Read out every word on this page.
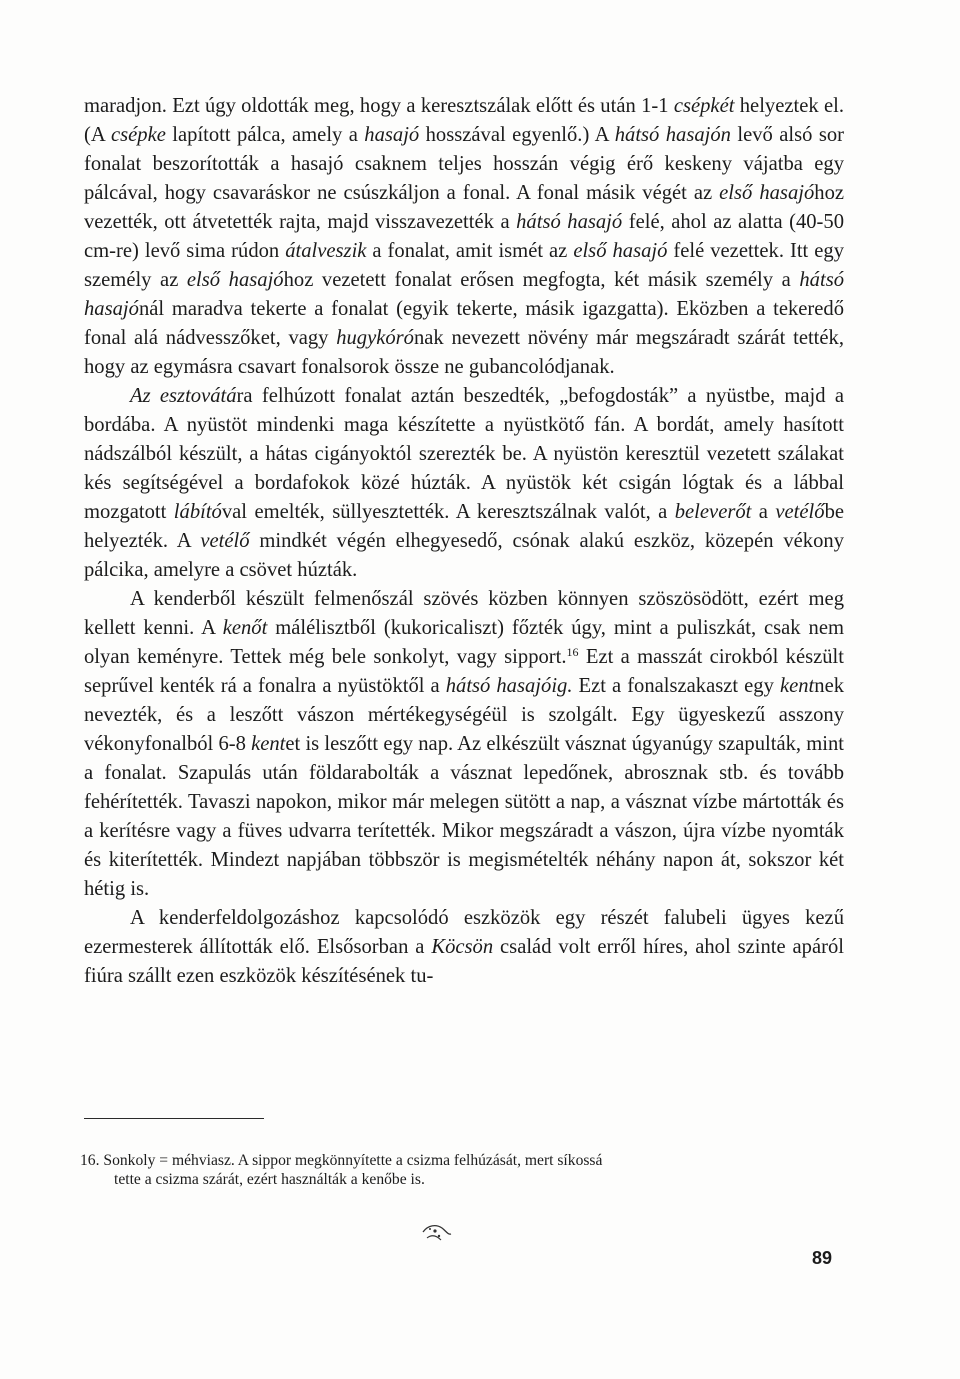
maradjon. Ezt úgy oldották meg, hogy a keresztszálak előtt és után 1-1 csépkét helyeztek el. (A csépke lapított pálca, amely a hasajó hosszával egyenlő.) A hátsó hasajón levő alsó sor fonalat beszorították a hasajó csaknem teljes hosszán végig érő keskeny vájatba egy pálcával, hogy csavaráskor ne csúszkáljon a fonal. A fonal másik végét az első hasajóhoz vezették, ott átvetették rajta, majd visszavezették a hátsó hasajó felé, ahol az alatta (40-50 cm-re) levő sima rúdon átalveszik a fonalat, amit ismét az első hasajó felé vezettek. Itt egy személy az első hasajóhoz vezetett fonalat erősen megfogta, két másik személy a hátsó hasajónál maradva tekerte a fonalat (egyik tekerte, másik igazgatta). Eközben a tekeredő fonal alá nádvesszőket, vagy hugykórónak nevezett növény már megszáradt szárát tették, hogy az egymásra csavart fonalsorok össze ne gubancolódjanak.

Az esztovátára felhúzott fonalat aztán beszedték, „befogdosták” a nyüstbe, majd a bordába. A nyüstöt mindenki maga készítette a nyüstkötő fán. A bordát, amely hasított nádszálból készült, a hátas cigányoktól szerezték be. A nyüstön keresztül vezetett szálakat kés segítségével a bordafokok közé húzták. A nyüstök két csigán lógtak és a lábbal mozgatott lábítóval emelték, süllyesztették. A keresztszálnak valót, a beleverőt a vetélőbe helyezték. A vetélő mindkét végén elhegyesedő, csónak alakú eszköz, közepén vékony pálcika, amelyre a csövet húzták.

A kenderből készült felmenőszál szövés közben könnyen szöszösödött, ezért meg kellett kenni. A kenőt málélisztből (kukoricaliszt) főzték úgy, mint a puliszkát, csak nem olyan keményre. Tettek még bele sonkolyt, vagy sipport.$^{16}$ Ezt a masszát cirokból készült seprűvel kenték rá a fonalra a nyüstöktől a hátsó hasajóig. Ezt a fonalszakaszt egy kentnek nevezték, és a leszőtt vászon mértékegységéül is szolgált. Egy ügyeskezű asszony vékonyfonalból 6-8 kentet is leszőtt egy nap. Az elkészült vásznat úgyanúgy szapulták, mint a fonalat. Szapulás után földarabolták a vásznat lepedőnek, abrosznak stb. és tovább fehérítették. Tavaszi napokon, mikor már melegen sütött a nap, a vásznat vízbe mártották és a kerítésre vagy a füves udvarra terítették. Mikor megszáradt a vászon, újra vízbe nyomták és kiterítették. Mindezt napjában többször is megismételték néhány napon át, sokszor két hétig is.

A kenderfeldolgozáshoz kapcsolódó eszközök egy részét falubeli ügyes kezű ezermesterek állították elő. Elsősorban a Köcsön család volt erről híres, ahol szinte apáról fiúra szállt ezen eszközök készítésének tu-

16. Sonkoly = méhviasz. A sippor megkönnyítette a csizma felhúzását, mert síkossá
tette a csizma szárát, ezért használták a kenőbe is.
89
